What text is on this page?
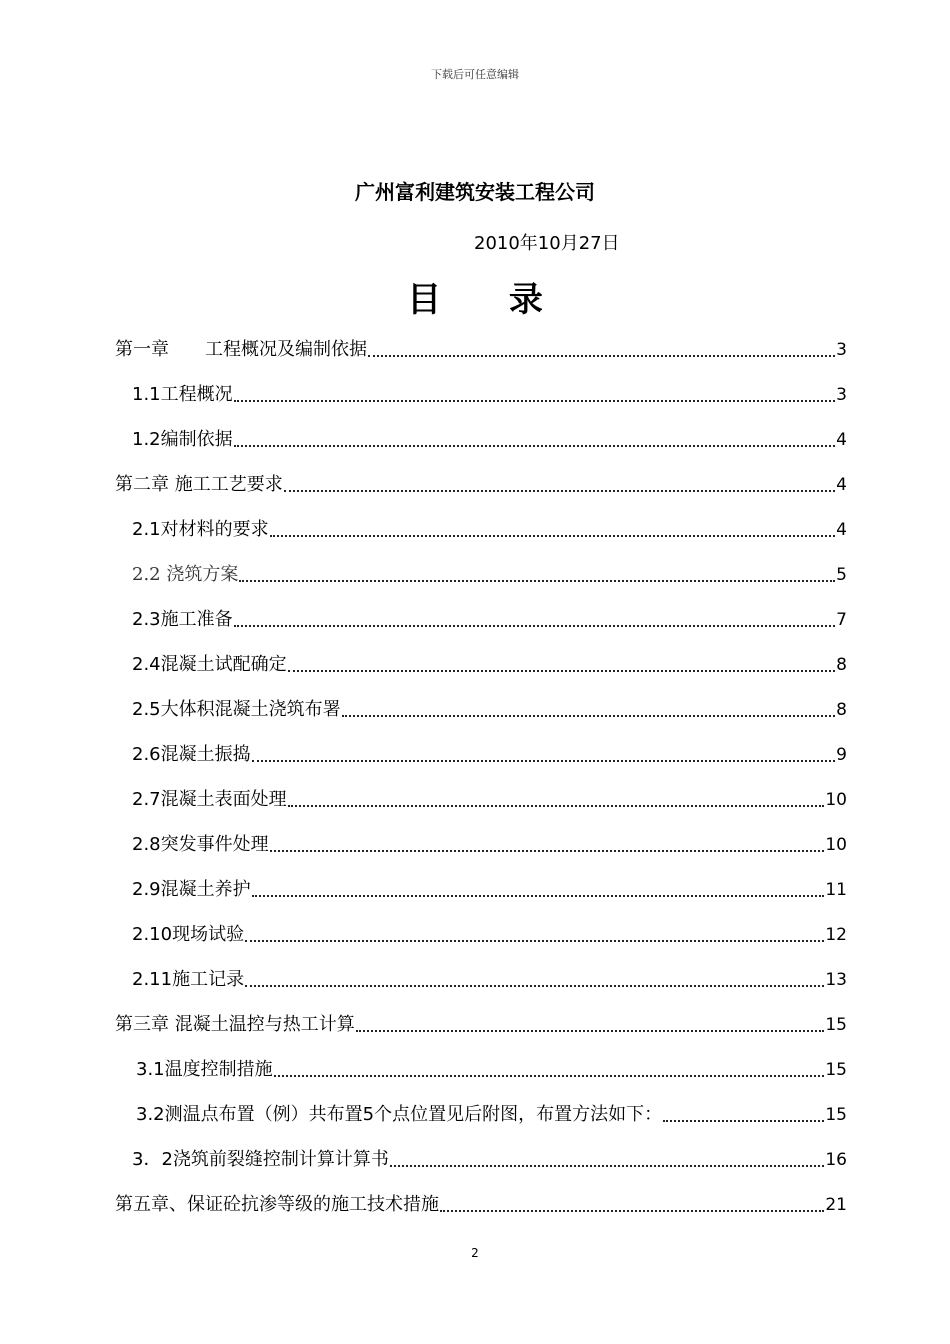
下载后可任意编辑
广州富利建筑安装工程公司
2010年10月27日
目 录
第一章　　工程概况及编制依据	3
1.1工程概况	3
1.2编制依据	4
第二章 施工工艺要求	4
2.1对材料的要求	4
2.2 浇筑方案	5
2.3施工准备	7
2.4混凝土试配确定	8
2.5大体积混凝土浇筑布署	8
2.6混凝土振捣	9
2.7混凝土表面处理	10
2.8突发事件处理	10
2.9混凝土养护	11
2.10现场试验	12
2.11施工记录	13
第三章 混凝土温控与热工计算	15
3.1温度控制措施	15
3.2测温点布置（例）共布置5个点位置见后附图，布置方法如下：	15
3．2浇筑前裂缝控制计算计算书	16
第五章、保证砼抗渗等级的施工技术措施	21
2
